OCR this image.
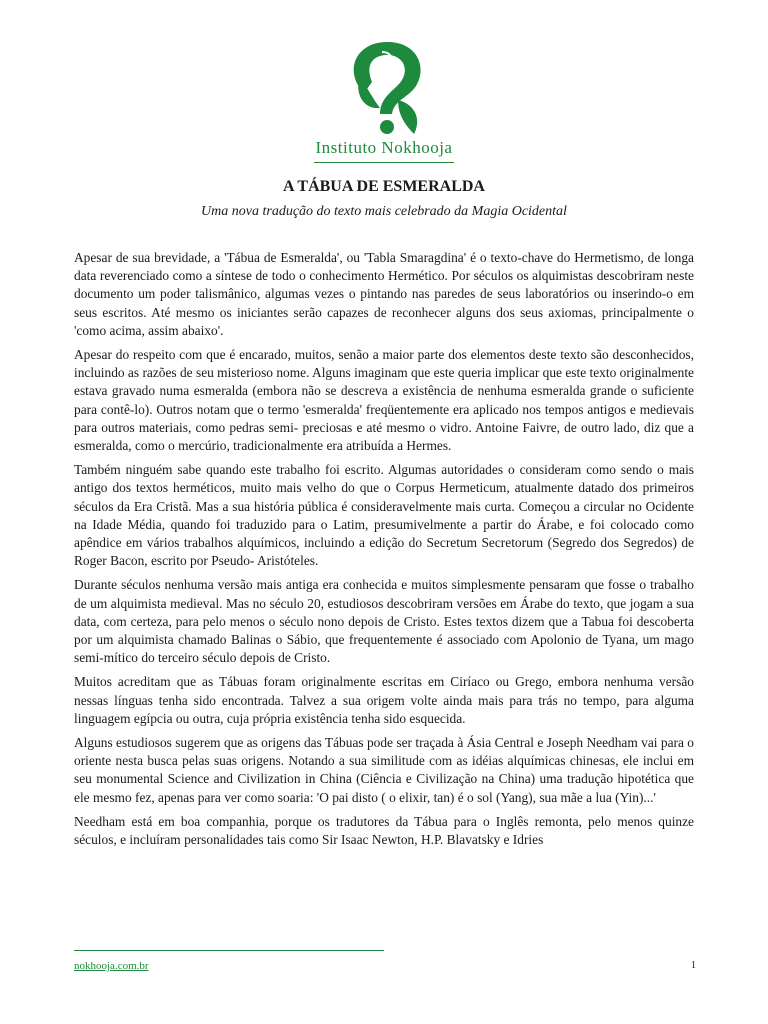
Instituto Nokhooja
A TÁBUA DE ESMERALDA
Uma nova tradução do texto mais celebrado da Magia Ocidental

Apesar de sua brevidade, a 'Tábua de Esmeralda', ou 'Tabla Smaragdina' é o texto-chave do Hermetismo, de longa data reverenciado como a síntese de todo o conhecimento Hermético. Por séculos os alquimistas descobriram neste documento um poder talismânico, algumas vezes o pintando nas paredes de seus laboratórios ou inserindo-o em seus escritos. Até mesmo os iniciantes serão capazes de reconhecer alguns dos seus axiomas, principalmente o 'como acima, assim abaixo'.

Apesar do respeito com que é encarado, muitos, senão a maior parte dos elementos deste texto são desconhecidos, incluindo as razões de seu misterioso nome. Alguns imaginam que este queria implicar que este texto originalmente estava gravado numa esmeralda (embora não se descreva a existência de nenhuma esmeralda grande o suficiente para contê-lo). Outros notam que o termo 'esmeralda' freqüentemente era aplicado nos tempos antigos e medievais para outros materiais, como pedras semi- preciosas e até mesmo o vidro. Antoine Faivre, de outro lado, diz que a esmeralda, como o mercúrio, tradicionalmente era atribuída a Hermes.

Também ninguém sabe quando este trabalho foi escrito. Algumas autoridades o consideram como sendo o mais antigo dos textos herméticos, muito mais velho do que o Corpus Hermeticum, atualmente datado dos primeiros séculos da Era Cristã. Mas a sua história pública é consideravelmente mais curta. Começou a circular no Ocidente na Idade Média, quando foi traduzido para o Latim, presumivelmente a partir do Árabe, e foi colocado como apêndice em vários trabalhos alquímicos, incluindo a edição do Secretum Secretorum (Segredo dos Segredos) de Roger Bacon, escrito por Pseudo- Aristóteles.

Durante séculos nenhuma versão mais antiga era conhecida e muitos simplesmente pensaram que fosse o trabalho de um alquimista medieval. Mas no século 20, estudiosos descobriram versões em Árabe do texto, que jogam a sua data, com certeza, para pelo menos o século nono depois de Cristo. Estes textos dizem que a Tabua foi descoberta por um alquimista chamado Balinas o Sábio, que frequentemente é associado com Apolonio de Tyana, um mago semi-mítico do terceiro século depois de Cristo.

Muitos acreditam que as Tábuas foram originalmente escritas em Ciríaco ou Grego, embora nenhuma versão nessas línguas tenha sido encontrada. Talvez a sua origem volte ainda mais para trás no tempo, para alguma linguagem egípcia ou outra, cuja própria existência tenha sido esquecida.

Alguns estudiosos sugerem que as origens das Tábuas pode ser traçada à Ásia Central e Joseph Needham vai para o oriente nesta busca pelas suas origens. Notando a sua similitude com as idéias alquímicas chinesas, ele inclui em seu monumental Science and Civilization in China (Ciência e Civilização na China) uma tradução hipotética que ele mesmo fez, apenas para ver como soaria: 'O pai disto ( o elixir, tan) é o sol (Yang), sua mãe a lua (Yin)...'

Needham está em boa companhia, porque os tradutores da Tábua para o Inglês remonta, pelo menos quinze séculos, e incluíram personalidades tais como Sir Isaac Newton, H.P. Blavatsky e Idries

nokhooja.com.br	1
